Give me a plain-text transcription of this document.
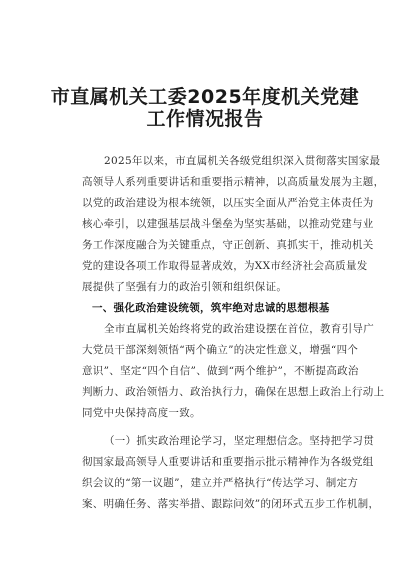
市直属机关工委2025年度机关党建
工作情况报告
2025年以来，市直属机关各级党组织深入贯彻落实国家最
高领导人系列重要讲话和重要指示精神，以高质量发展为主题，
以党的政治建设为根本统领，以压实全面从严治党主体责任为
核心牵引，以建强基层战斗堡垒为坚实基础，以推动党建与业
务工作深度融合为关键重点，守正创新、真抓实干，推动机关
党的建设各项工作取得显著成效，为XX市经济社会高质量发
展提供了坚强有力的政治引领和组织保证。
一、强化政治建设统领，筑牢绝对忠诚的思想根基
全市直属机关始终将党的政治建设摆在首位，教育引导广
大党员干部深刻领悟“两个确立”的决定性意义，增强“四个
意识”、坚定“四个自信”、做到“两个维护”，不断提高政治
判断力、政治领悟力、政治执行力，确保在思想上政治上行动上
同党中央保持高度一致。
（一）抓实政治理论学习，坚定理想信念。坚持把学习贯
彻国家最高领导人重要讲话和重要指示批示精神作为各级党组
织会议的“第一议题”，建立并严格执行“传达学习、制定方
案、明确任务、落实举措、跟踪问效”的闭环式五步工作机制，
